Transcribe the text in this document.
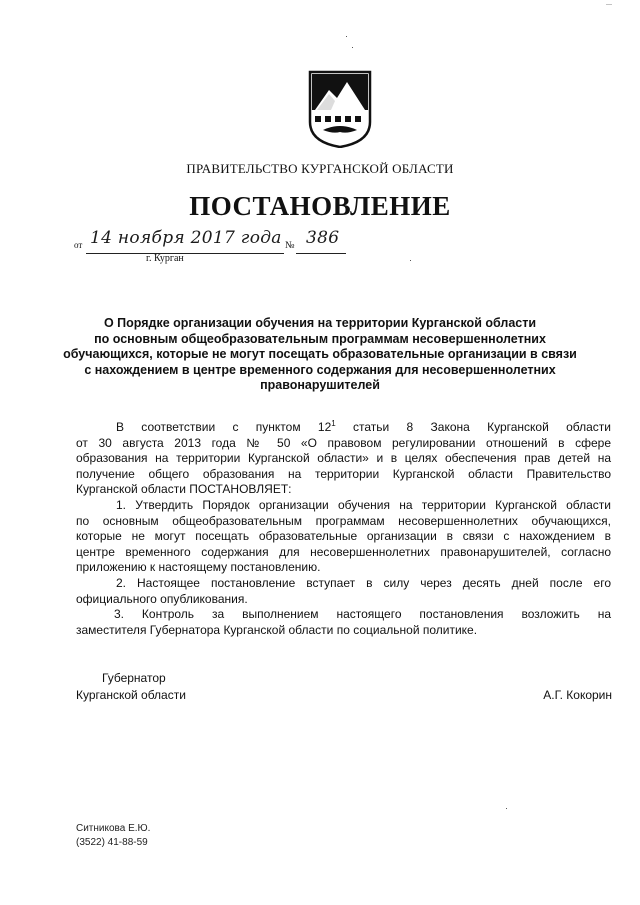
—
ПРАВИТЕЛЬСТВО КУРГАНСКОЙ ОБЛАСТИ
ПОСТАНОВЛЕНИЕ
от 14 ноября 2017 года № 386
г. Курган
О Порядке организации обучения на территории Курганской области
по основным общеобразовательным программам несовершеннолетних
обучающихся, которые не могут посещать образовательные организации в связи
с нахождением в центре временного содержания для несовершеннолетних
правонарушителей
В соответствии с пунктом $12^1$ статьи 8 Закона Курганской области
от 30 августа 2013 года № 50 «О правовом регулировании отношений в сфере
образования на территории Курганской области» и в целях обеспечения прав детей на
получение общего образования на территории Курганской области Правительство
Курганской области ПОСТАНОВЛЯЕТ:
1. Утвердить Порядок организации обучения на территории Курганской области
по основным общеобразовательным программам несовершеннолетних обучающихся,
которые не могут посещать образовательные организации в связи с нахождением в
центре временного содержания для несовершеннолетних правонарушителей, согласно
приложению к настоящему постановлению.
2. Настоящее постановление вступает в силу через десять дней после его
официального опубликования.
3. Контроль за выполнением настоящего постановления возложить на
заместителя Губернатора Курганской области по социальной политике.
Губернатор
Курганской области	А.Г. Кокорин
Ситникова Е.Ю.
(3522) 41-88-59
